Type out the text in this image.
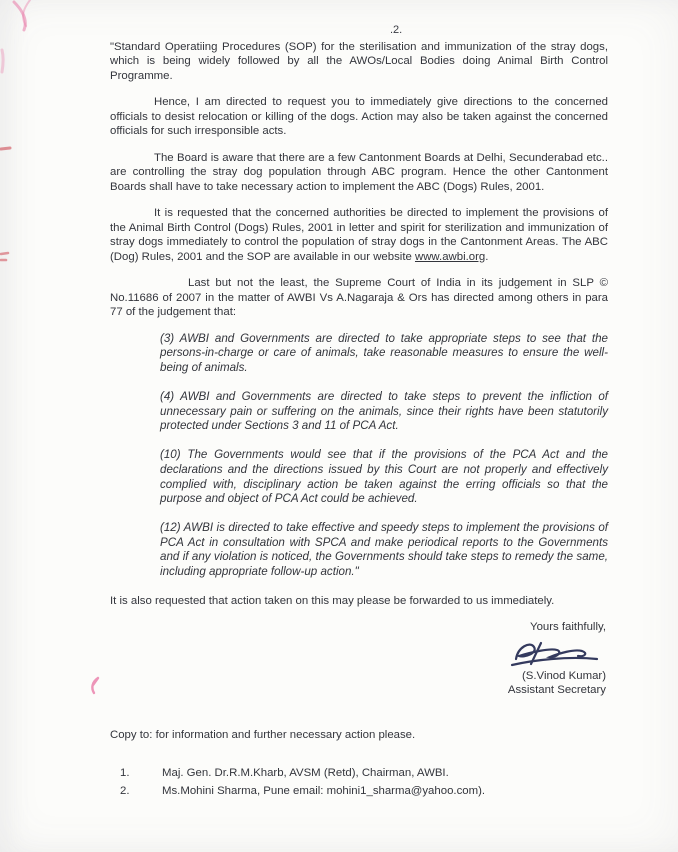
.2.

"Standard Operatiing Procedures (SOP) for the sterilisation and immunization of the stray dogs, which is being widely followed by all the AWOs/Local Bodies doing Animal Birth Control Programme.

Hence, I am directed to request you to immediately give directions to the concerned officials to desist relocation or killing of the dogs. Action may also be taken against the concerned officials for such irresponsible acts.

The Board is aware that there are a few Cantonment Boards at Delhi, Secunderabad etc.. are controlling the stray dog population through ABC program. Hence the other Cantonment Boards shall have to take necessary action to implement the ABC (Dogs) Rules, 2001.

It is requested that the concerned authorities be directed to implement the provisions of the Animal Birth Control (Dogs) Rules, 2001 in letter and spirit for sterilization and immunization of stray dogs immediately to control the population of stray dogs in the Cantonment Areas. The ABC (Dog) Rules, 2001 and the SOP are available in our website www.awbi.org.

Last but not the least, the Supreme Court of India in its judgement in SLP © No.11686 of 2007 in the matter of AWBI Vs A.Nagaraja & Ors has directed among others in para 77 of the judgement that:

(3) AWBI and Governments are directed to take appropriate steps to see that the persons-in-charge or care of animals, take reasonable measures to ensure the well-being of animals.

(4) AWBI and Governments are directed to take steps to prevent the infliction of unnecessary pain or suffering on the animals, since their rights have been statutorily protected under Sections 3 and 11 of PCA Act.

(10) The Governments would see that if the provisions of the PCA Act and the declarations and the directions issued by this Court are not properly and effectively complied with, disciplinary action be taken against the erring officials so that the purpose and object of PCA Act could be achieved.

(12) AWBI is directed to take effective and speedy steps to implement the provisions of PCA Act in consultation with SPCA and make periodical reports to the Governments and if any violation is noticed, the Governments should take steps to remedy the same, including appropriate follow-up action."

It is also requested that action taken on this may please be forwarded to us immediately.

Yours faithfully,
(S.Vinod Kumar)
Assistant Secretary
Copy to: for information and further necessary action please.
1.	Maj. Gen. Dr.R.M.Kharb, AVSM (Retd), Chairman, AWBI.
2.	Ms.Mohini Sharma, Pune email: mohini1_sharma@yahoo.com).
